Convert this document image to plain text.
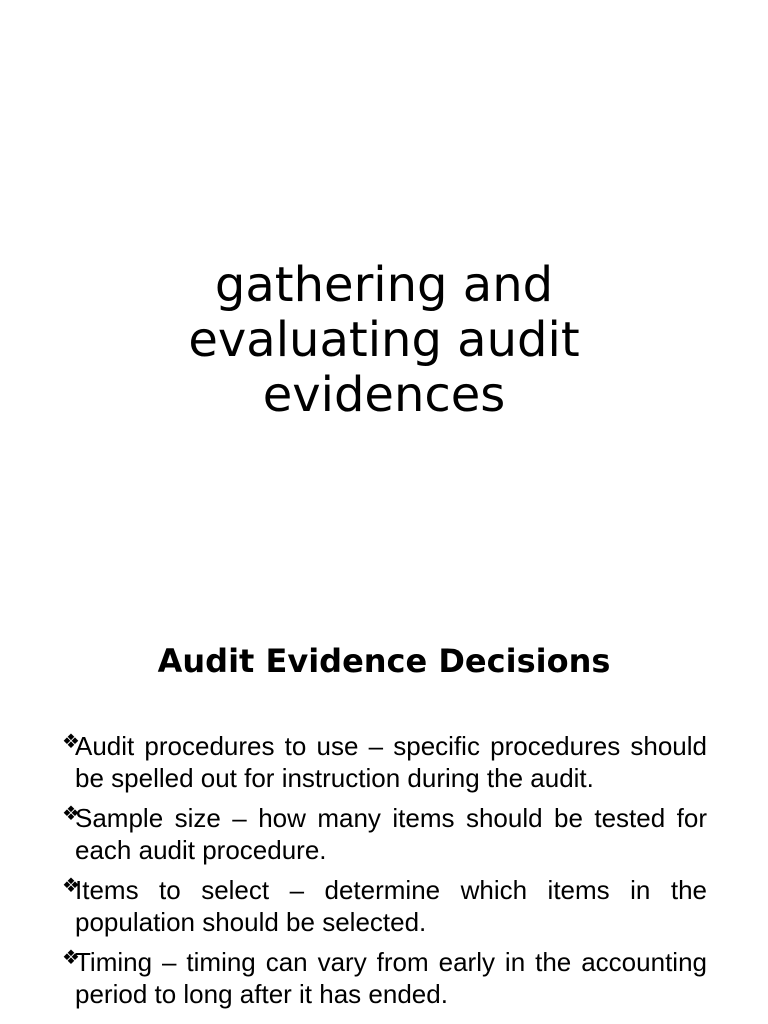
gathering and evaluating audit evidences
Audit Evidence Decisions
❖
Audit procedures to use – specific procedures should be spelled out for instruction during the audit.
❖
Sample size – how many items should be tested for each audit procedure.
❖
Items to select – determine which items in the population should be selected.
❖
Timing – timing can vary from early in the accounting period to long after it has ended.
